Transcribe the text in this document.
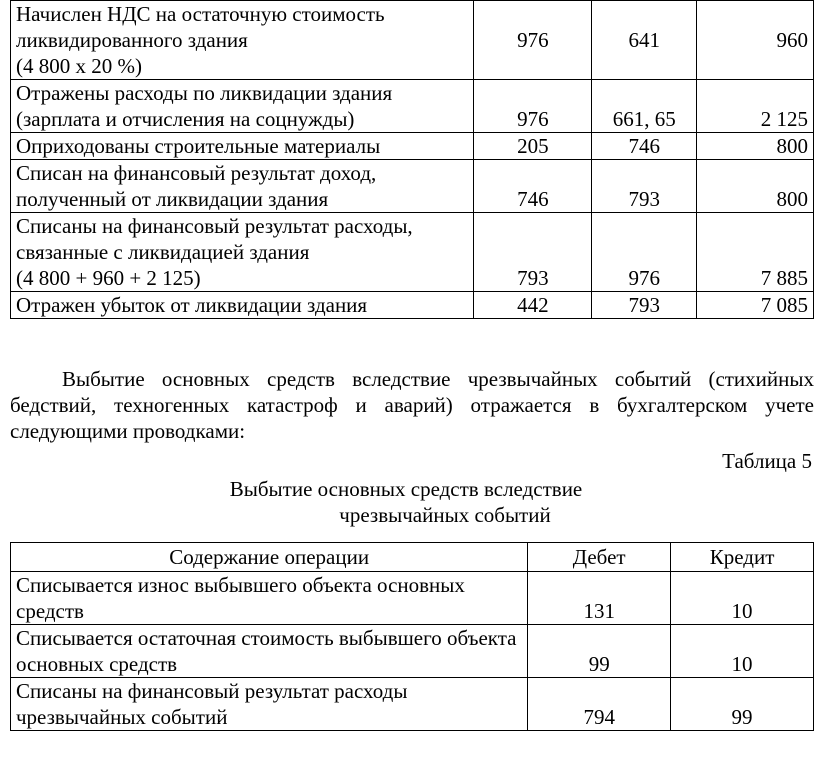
Начислен НДС на остаточную стоимость ликвидированного здания
(4 800 х 20 %)	976	641	960
Отражены расходы по ликвидации здания (зарплата и отчисления на соцнужды)	976	661, 65	2 125
Оприходованы строительные материалы	205	746	800
Списан на финансовый результат доход, полученный от ликвидации здания	746	793	800
Списаны на финансовый результат расходы, связанные с ликвидацией здания
(4 800 + 960 + 2 125)	793	976	7 885
Отражен убыток от ликвидации здания	442	793	7 085

Выбытие основных средств вследствие чрезвычайных событий (стихийных бедствий, техногенных катастроф и аварий) отражается в бухгалтерском учете следующими проводками:

Таблица 5

Выбытие основных средств вследствие

чрезвычайных событий

Содержание операции	Дебет	Кредит
Списывается износ выбывшего объекта основных средств	131	10
Списывается остаточная стоимость выбывшего объекта основных средств	99	10
Списаны на финансовый результат расходы чрезвычайных событий	794	99
